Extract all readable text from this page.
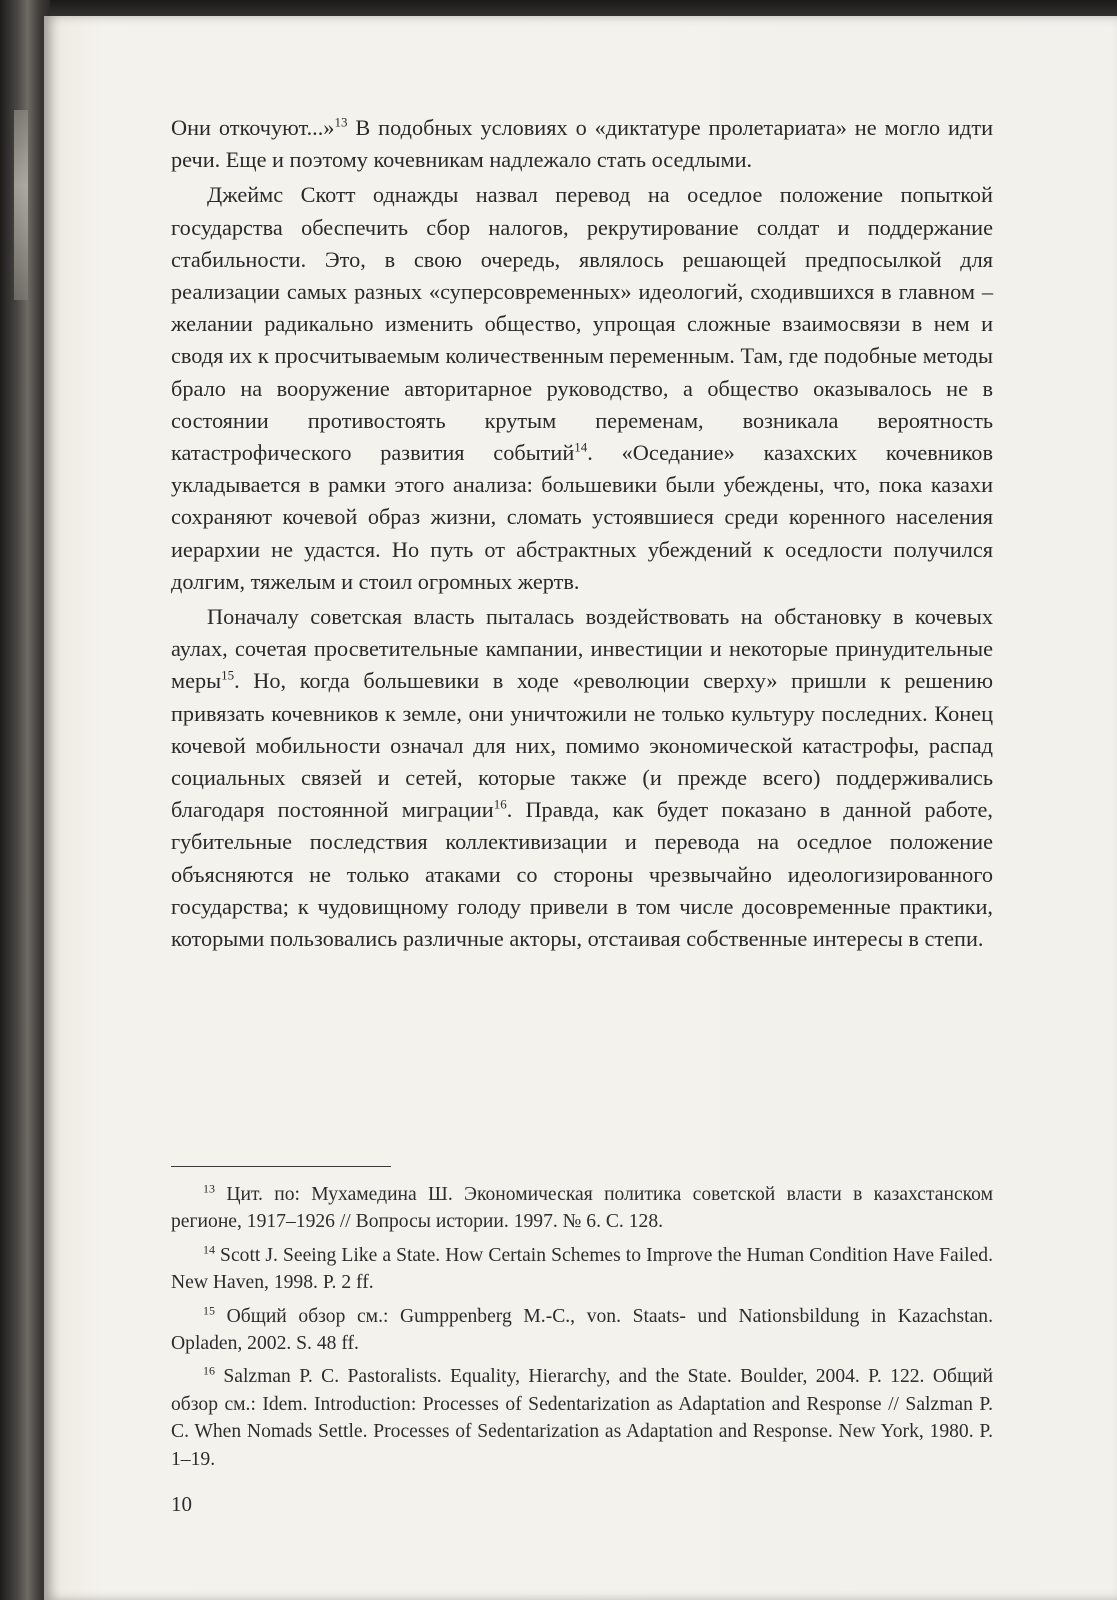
Они откочуют...»$^{13}$ В подобных условиях о «диктатуре пролетариата» не могло идти речи. Еще и поэтому кочевникам надлежало стать оседлыми.

Джеймс Скотт однажды назвал перевод на оседлое положение попыткой государства обеспечить сбор налогов, рекрутирование солдат и поддержание стабильности. Это, в свою очередь, являлось решающей предпосылкой для реализации самых разных «суперсовременных» идеологий, сходившихся в главном – желании радикально изменить общество, упрощая сложные взаимосвязи в нем и сводя их к просчитываемым количественным переменным. Там, где подобные методы брало на вооружение авторитарное руководство, а общество оказывалось не в состоянии противостоять крутым переменам, возникала вероятность катастрофического развития событий$^{14}$. «Оседание» казахских кочевников укладывается в рамки этого анализа: большевики были убеждены, что, пока казахи сохраняют кочевой образ жизни, сломать устоявшиеся среди коренного населения иерархии не удастся. Но путь от абстрактных убеждений к оседлости получился долгим, тяжелым и стоил огромных жертв.

Поначалу советская власть пыталась воздействовать на обстановку в кочевых аулах, сочетая просветительные кампании, инвестиции и некоторые принудительные меры$^{15}$. Но, когда большевики в ходе «революции сверху» пришли к решению привязать кочевников к земле, они уничтожили не только культуру последних. Конец кочевой мобильности означал для них, помимо экономической катастрофы, распад социальных связей и сетей, которые также (и прежде всего) поддерживались благодаря постоянной миграции$^{16}$. Правда, как будет показано в данной работе, губительные последствия коллективизации и перевода на оседлое положение объясняются не только атаками со стороны чрезвычайно идеологизированного государства; к чудовищному голоду привели в том числе досовременные практики, которыми пользовались различные акторы, отстаивая собственные интересы в степи.

$^{13}$ Цит. по: Мухамедина Ш. Экономическая политика советской власти в казахстанском регионе, 1917–1926 // Вопросы истории. 1997. № 6. С. 128.

$^{14}$ Scott J. Seeing Like a State. How Certain Schemes to Improve the Human Condition Have Failed. New Haven, 1998. P. 2 ff.

$^{15}$ Общий обзор см.: Gumppenberg M.-C., von. Staats- und Nationsbildung in Kazachstan. Opladen, 2002. S. 48 ff.

$^{16}$ Salzman P. C. Pastoralists. Equality, Hierarchy, and the State. Boulder, 2004. P. 122. Общий обзор см.: Idem. Introduction: Processes of Sedentarization as Adaptation and Response // Salzman P. C. When Nomads Settle. Processes of Sedentarization as Adaptation and Response. New York, 1980. P. 1–19.

10
